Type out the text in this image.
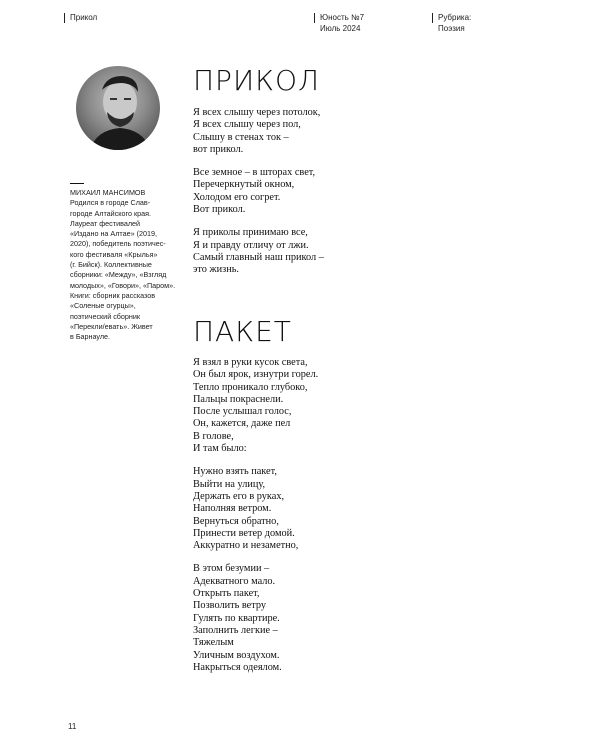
Прикол	Юность №7
Июль 2024
Рубрика:
Поэзия
МИХАИЛ МАНСИМОВ
Родился в городе Слав-
городе Алтайского края.
Лауреат фестивалей
«Издано на Алтае» (2019,
2020), победитель поэтичес-
кого фестиваля «Крылья»
(г. Бийск). Коллективные
сборники: «Между», «Взгляд
молодых», «Говори», «Паром».
Книги: сборник рассказов
«Соленые огурцы»,
поэтический сборник
«Перекли/евать». Живет
в Барнауле.
ПРИКОЛ
Я всех слышу через потолок,
Я всех слышу через пол,
Слышу в стенах ток –
вот прикол.
Все земное – в шторах свет,
Перечеркнутый окном,
Холодом его согрет.
Вот прикол.
Я приколы принимаю все,
Я и правду отличу от лжи.
Самый главный наш прикол –
это жизнь.
ПАКЕТ
Я взял в руки кусок света,
Он был ярок, изнутри горел.
Тепло проникало глубоко,
Пальцы покраснели.
После услышал голос,
Он, кажется, даже пел
В голове,
И там было:
Нужно взять пакет,
Выйти на улицу,
Держать его в руках,
Наполняя ветром.
Вернуться обратно,
Принести ветер домой.
Аккуратно и незаметно,
В этом безумии –
Адекватного мало.
Открыть пакет,
Позволить ветру
Гулять по квартире.
Заполнить легкие –
Тяжелым
Уличным воздухом.
Накрыться одеялом.
11
